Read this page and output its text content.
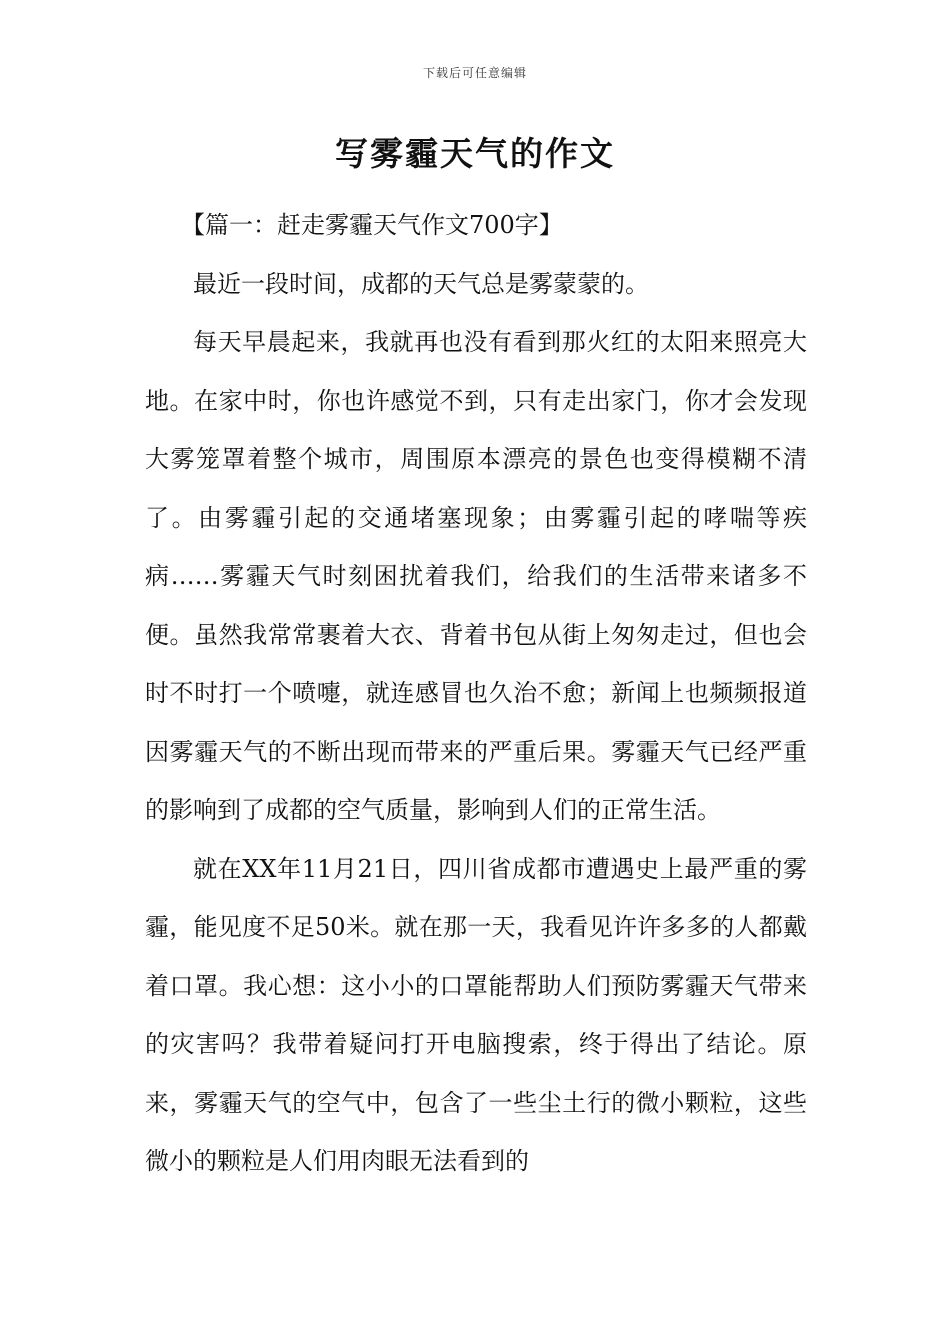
下载后可任意编辑
写雾霾天气的作文

【篇一：赶走雾霾天气作文700字】

最近一段时间，成都的天气总是雾蒙蒙的。

每天早晨起来，我就再也没有看到那火红的太阳来照亮大地。在家中时，你也许感觉不到，只有走出家门，你才会发现大雾笼罩着整个城市，周围原本漂亮的景色也变得模糊不清了。由雾霾引起的交通堵塞现象；由雾霾引起的哮喘等疾病……雾霾天气时刻困扰着我们，给我们的生活带来诸多不便。虽然我常常裹着大衣、背着书包从街上匆匆走过，但也会时不时打一个喷嚏，就连感冒也久治不愈；新闻上也频频报道因雾霾天气的不断出现而带来的严重后果。雾霾天气已经严重的影响到了成都的空气质量，影响到人们的正常生活。

就在XX年11月21日，四川省成都市遭遇史上最严重的雾霾，能见度不足50米。就在那一天，我看见许许多多的人都戴着口罩。我心想：这小小的口罩能帮助人们预防雾霾天气带来的灾害吗？我带着疑问打开电脑搜索，终于得出了结论。原来，雾霾天气的空气中，包含了一些尘土行的微小颗粒，这些微小的颗粒是人们用肉眼无法看到的
